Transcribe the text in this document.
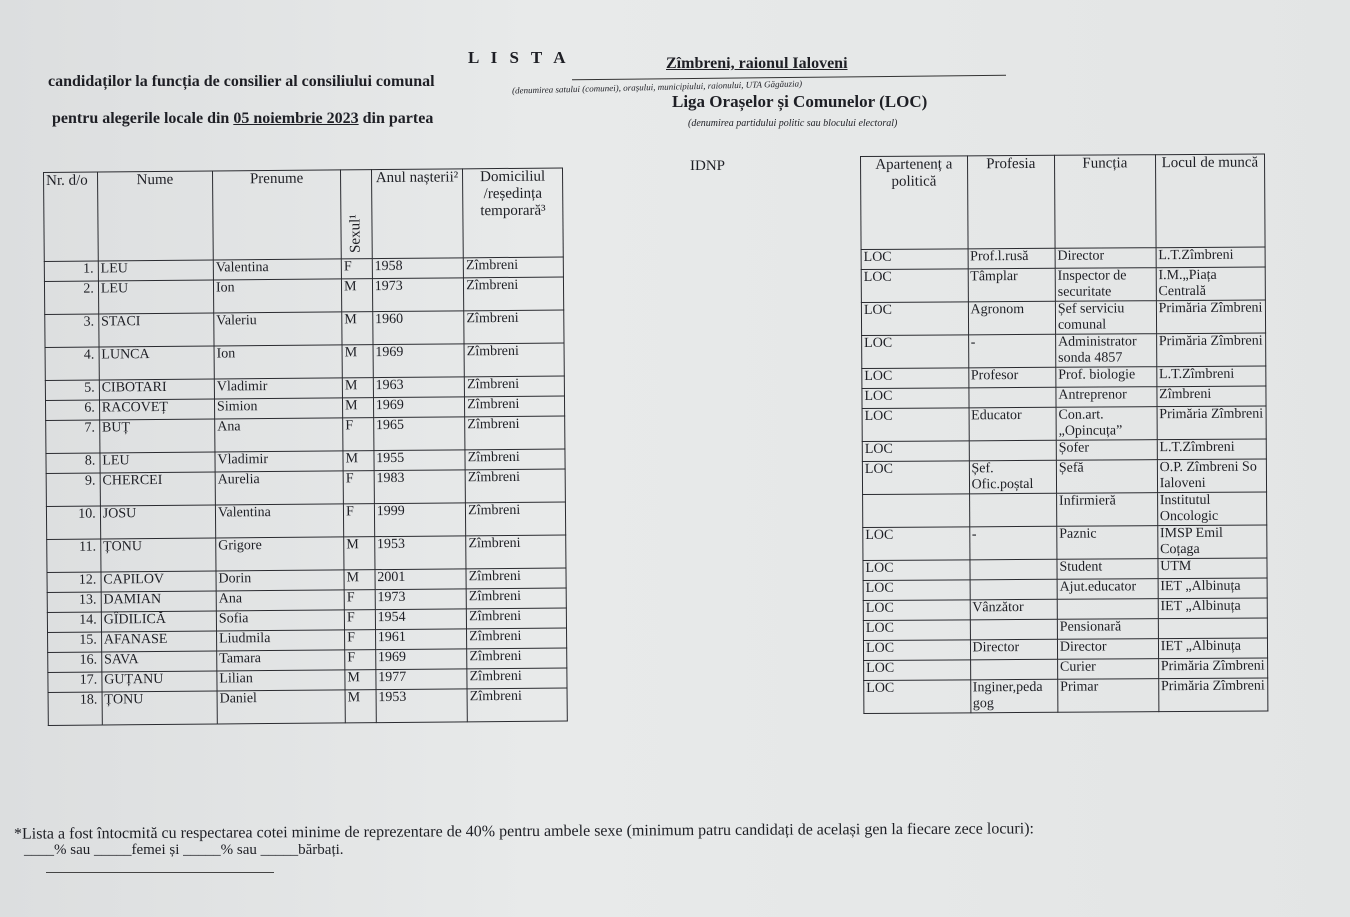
L I S T A
candidaților la funcția de consilier al consiliului comunal
pentru alegerile locale din 05 noiembrie 2023 din partea
Zîmbreni, raionul Ialoveni
(denumirea satului (comunei), orașului, municipiului, raionului, UTA Găgăuzia)
Liga Orașelor și Comunelor (LOC)
(denumirea partidului politic sau blocului electoral)
IDNP
Nr. d/o	Nume	Prenume	Sexul¹	Anul nașterii²	Domiciliul /reședința temporară³
1.	LEU	Valentina	F	1958	Zîmbreni
2.	LEU	Ion	M	1973	Zîmbreni
3.	STACI	Valeriu	M	1960	Zîmbreni
4.	LUNCA	Ion	M	1969	Zîmbreni
5.	CIBOTARI	Vladimir	M	1963	Zîmbreni
6.	RACOVEȚ	Simion	M	1969	Zîmbreni
7.	BUȚ	Ana	F	1965	Zîmbreni
8.	LEU	Vladimir	M	1955	Zîmbreni
9.	CHERCEI	Aurelia	F	1983	Zîmbreni
10.	JOSU	Valentina	F	1999	Zîmbreni
11.	ȚONU	Grigore	M	1953	Zîmbreni
12.	CAPILOV	Dorin	M	2001	Zîmbreni
13.	DAMIAN	Ana	F	1973	Zîmbreni
14.	GÎDILICĂ	Sofia	F	1954	Zîmbreni
15.	AFANASE	Liudmila	F	1961	Zîmbreni
16.	SAVA	Tamara	F	1969	Zîmbreni
17.	GUȚANU	Lilian	M	1977	Zîmbreni
18.	ȚONU	Daniel	M	1953	Zîmbreni
Apartenenț a politică	Profesia	Funcția	Locul de muncă
LOC	Prof.l.rusă	Director	L.T.Zîmbreni
LOC	Tâmplar	Inspector de securitate	I.M.„Piața Centrală
LOC	Agronom	Șef serviciu comunal	Primăria Zîmbreni
LOC	-	Administrator sonda 4857	Primăria Zîmbreni
LOC	Profesor	Prof. biologie	L.T.Zîmbreni
LOC		Antreprenor	Zîmbreni
LOC	Educator	Con.art. „Opincuța”	Primăria Zîmbreni
LOC		Șofer	L.T.Zîmbreni
LOC	Șef. Ofic.poștal	Șefă	O.P. Zîmbreni So Ialoveni
		Infirmieră	Institutul Oncologic
LOC	-	Paznic	IMSP Emil Coțaga
LOC		Student	UTM
LOC		Ajut.educator	IET „Albinuța
LOC	Vânzător		IET „Albinuța
LOC		Pensionară	
LOC	Director	Director	IET „Albinuța
LOC		Curier	Primăria Zîmbreni
LOC	Inginer,peda gog	Primar	Primăria Zîmbreni
*Lista a fost întocmită cu respectarea cotei minime de reprezentare de 40% pentru ambele sexe (minimum patru candidați de același gen la fiecare zece locuri):
____% sau _____femei și _____% sau _____bărbați.
